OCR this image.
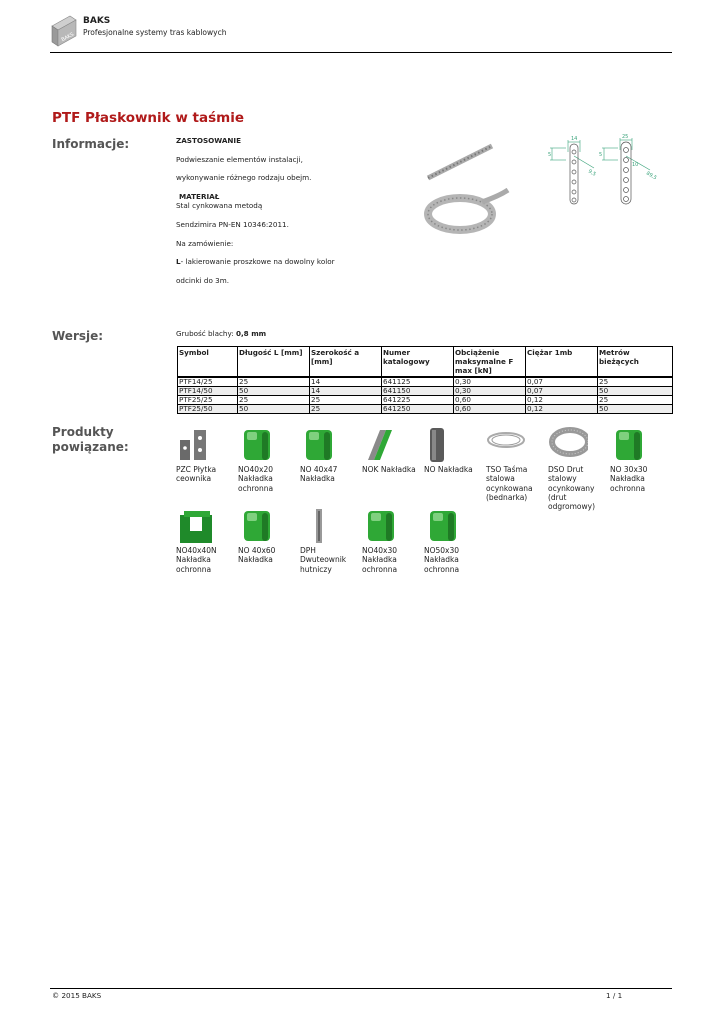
BAKS
BAKS
Profesjonalne systemy tras kablowych
PTF Płaskownik w taśmie
Informacje:	ZASTOSOWANIE

Podwieszanie elementów instalacji,

wykonywanie różnego rodzaju obejm.

MATERIAŁ

Stal cynkowana metodą

Sendzimira PN-EN 10346:2011.

Na zamówienie:

L- lakierowanie proszkowe na dowolny kolor

odcinki do 3m.

14
5
9,5
25
5
10
89,5
Wersje:	Grubość blachy: 0,8 mm
Symbol	Długość L [mm]	Szerokość a [mm]	Numer katalogowy	Obciążenie maksymalne F max [kN]	Ciężar 1mb	Metrów bieżących
PTF14/25	25	14	641125	0,30	0,07	25
PTF14/50	50	14	641150	0,30	0,07	50
PTF25/25	25	25	641225	0,60	0,12	25
PTF25/50	50	25	641250	0,60	0,12	50
Produkty
powiązane:
PZC Płytka ceownika
NO40x20 Nakładka ochronna
NO 40x47 Nakładka
NOK Nakładka	NO Nakładka	TSO Taśma stalowa ocynkowana (bednarka)
DSO Drut stalowy ocynkowany (drut odgromowy)
NO 30x30 Nakładka ochronna
NO40x40N Nakładka ochronna
NO 40x60 Nakładka
DPH Dwuteownik hutniczy
NO40x30 Nakładka ochronna
NO50x30 Nakładka ochronna
© 2015 BAKS	1 / 1
